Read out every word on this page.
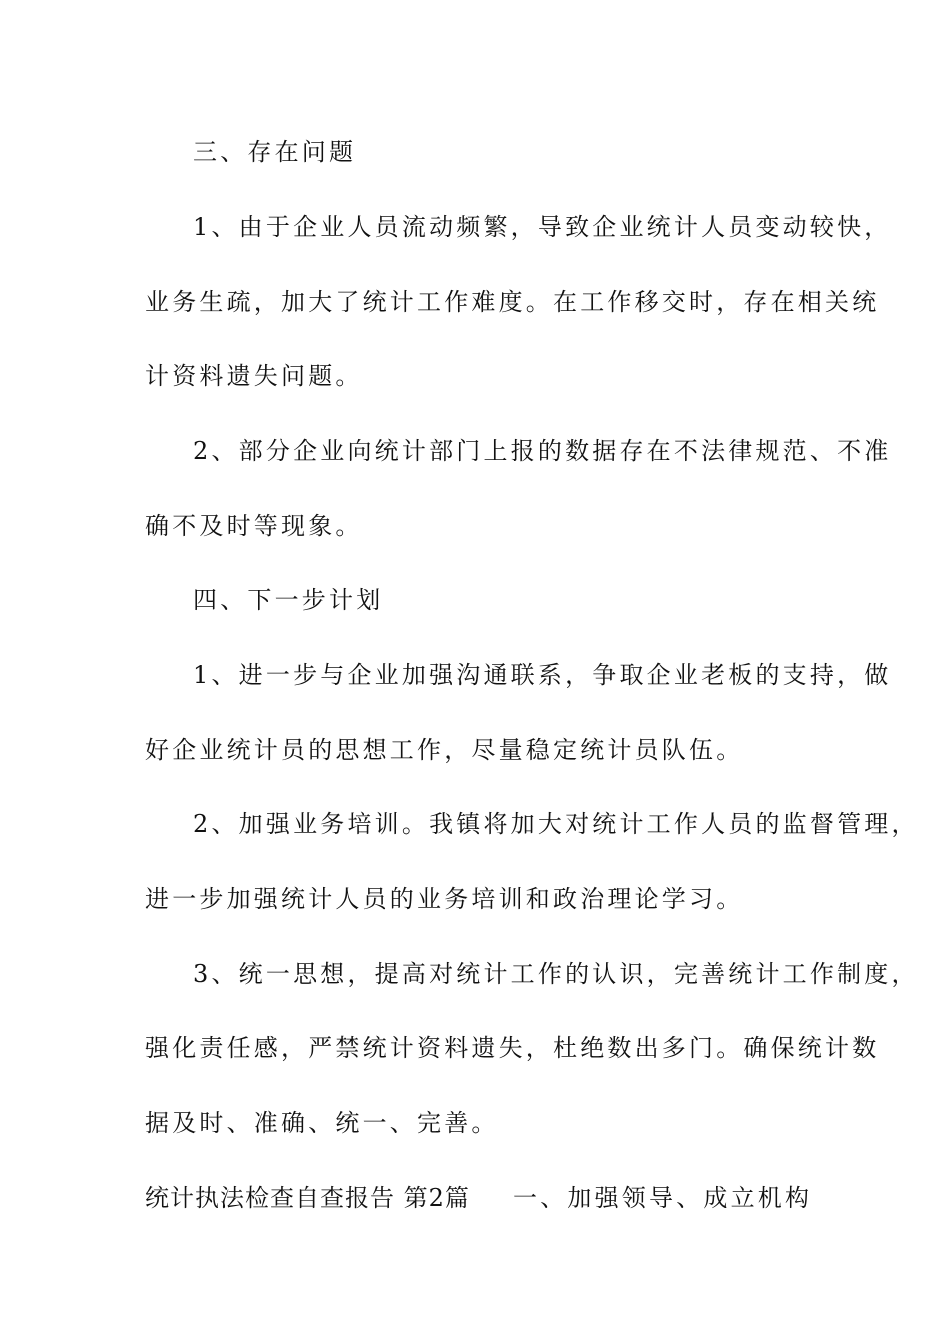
三、存在问题
1、由于企业人员流动频繁，导致企业统计人员变动较快，
业务生疏，加大了统计工作难度。在工作移交时，存在相关统
计资料遗失问题。
2、部分企业向统计部门上报的数据存在不法律规范、不准
确不及时等现象。
四、下一步计划
1、进一步与企业加强沟通联系，争取企业老板的支持，做
好企业统计员的思想工作，尽量稳定统计员队伍。
2、加强业务培训。我镇将加大对统计工作人员的监督管理，
进一步加强统计人员的业务培训和政治理论学习。
3、统一思想，提高对统计工作的认识，完善统计工作制度，
强化责任感，严禁统计资料遗失，杜绝数出多门。确保统计数
据及时、准确、统一、完善。
统计执法检查自查报告 第2篇 一、加强领导、成立机构
